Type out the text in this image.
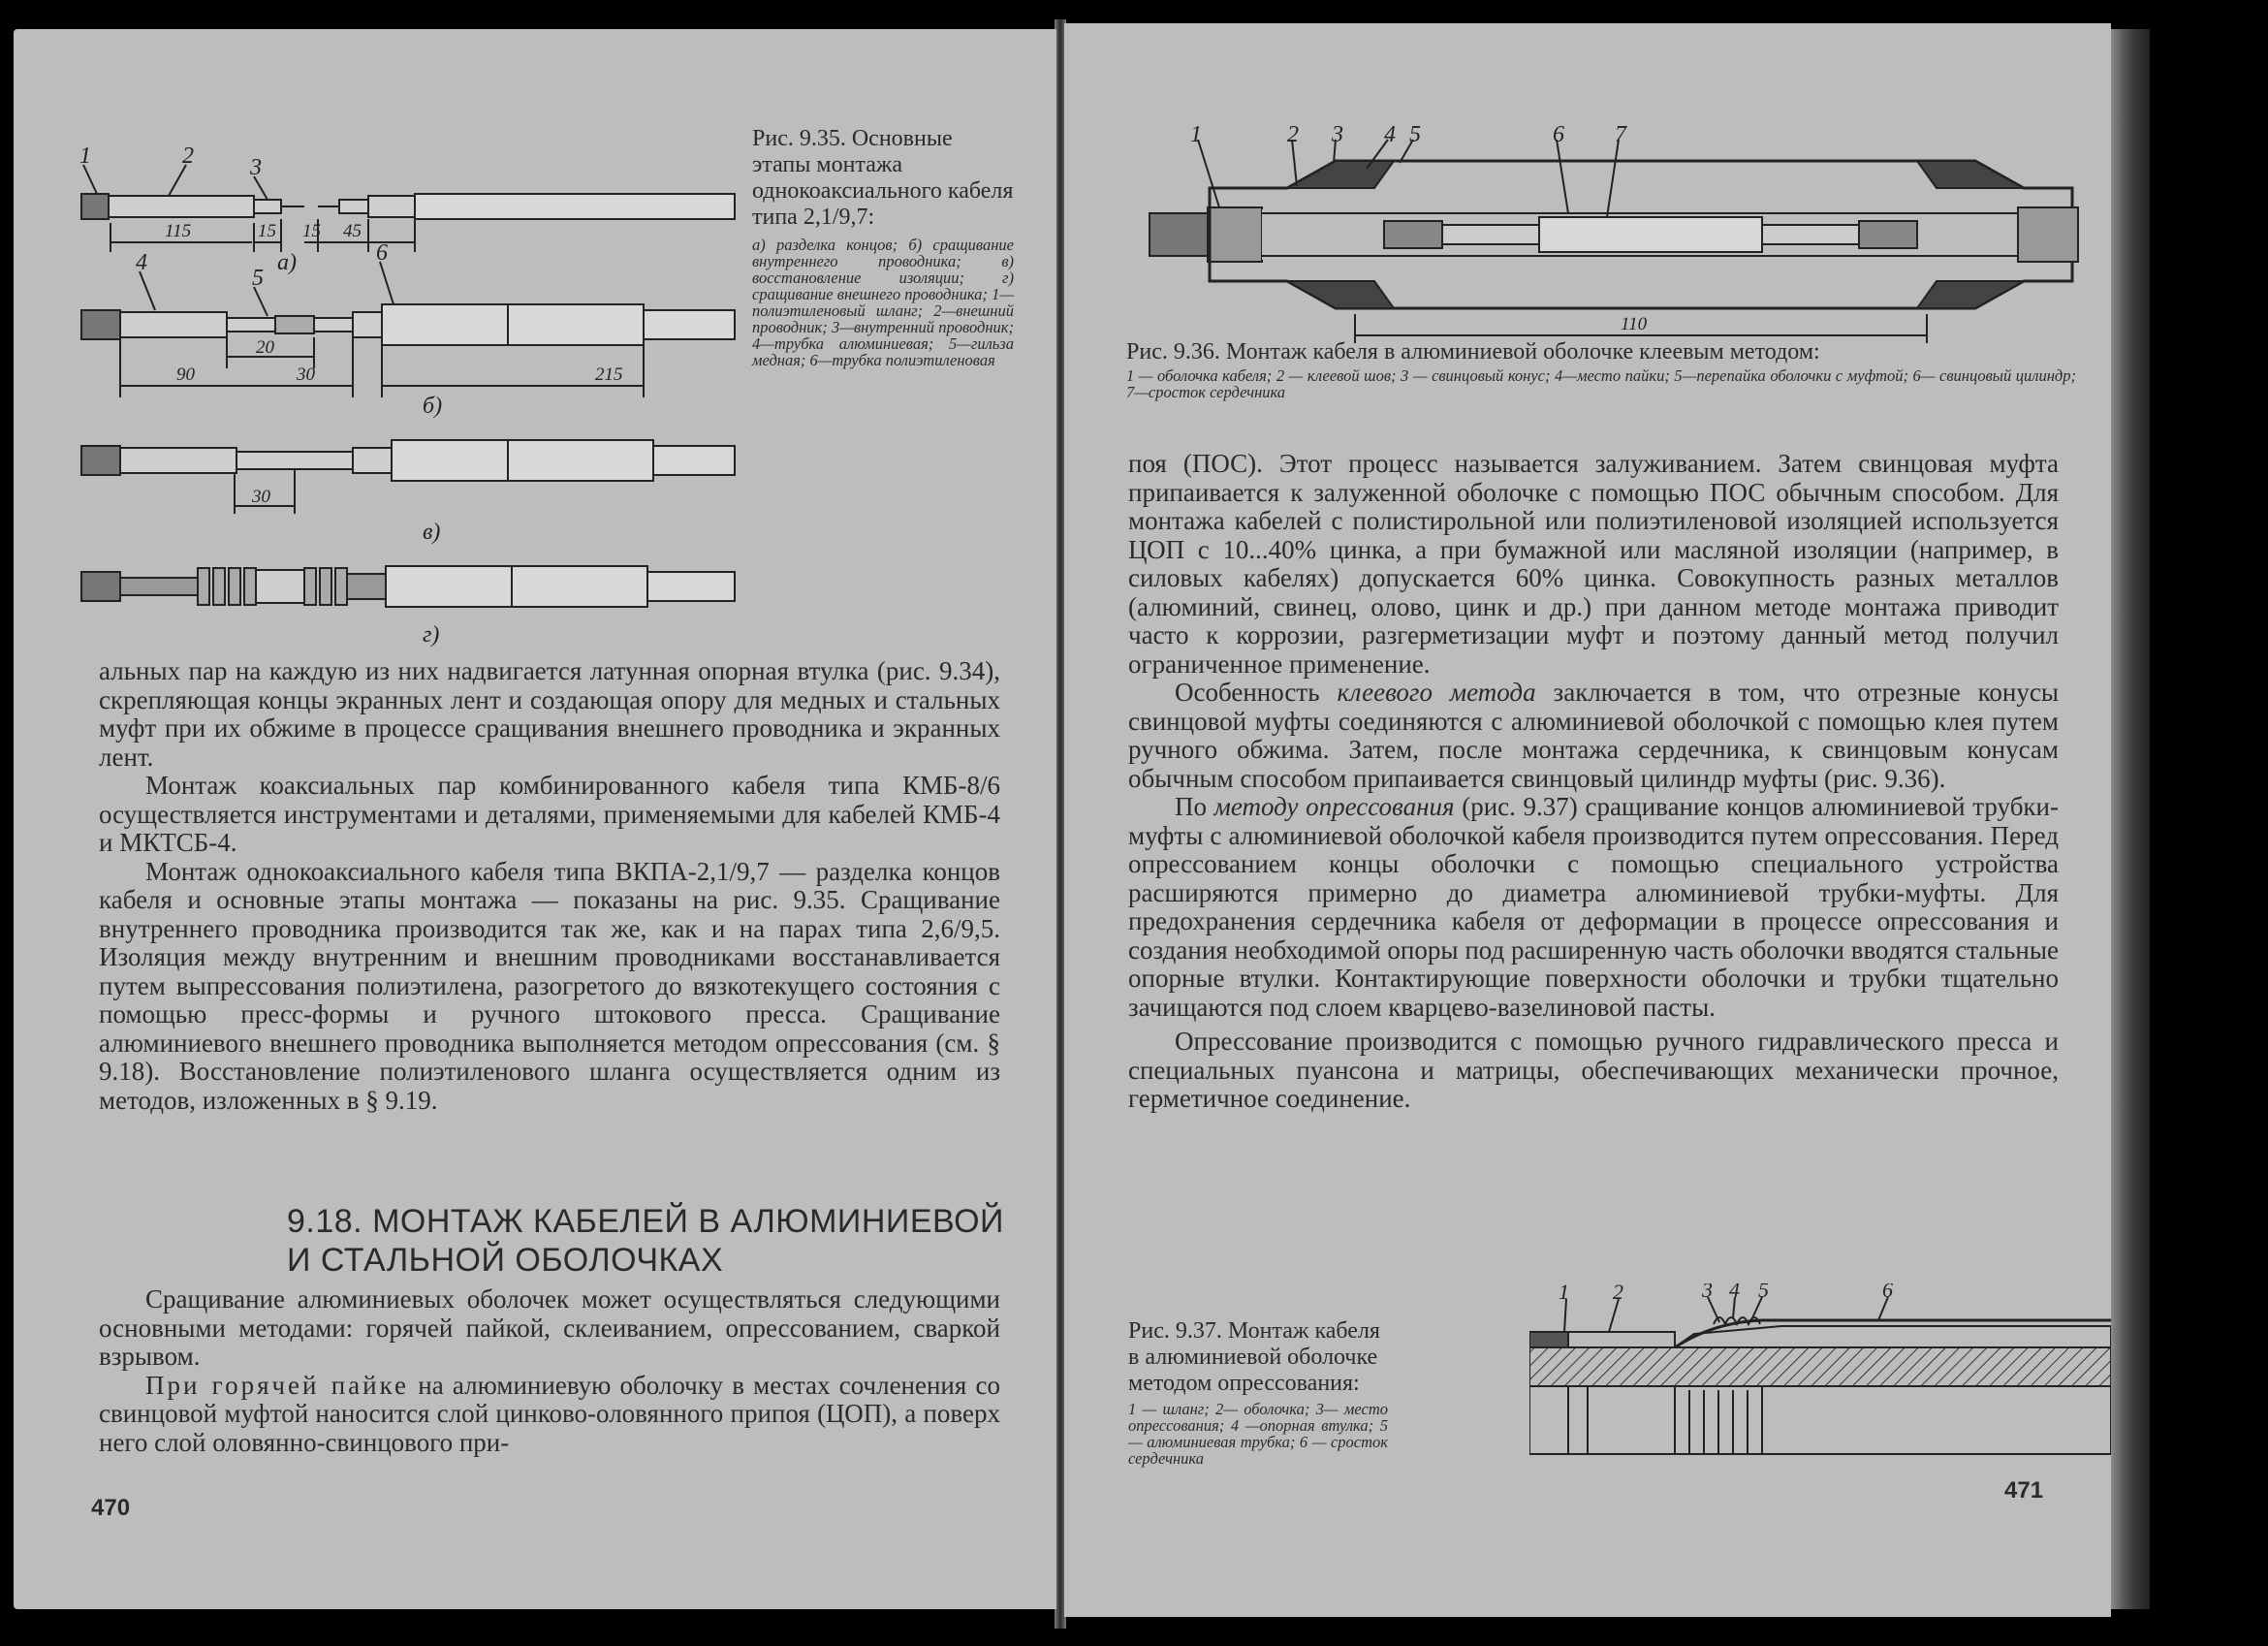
1	2 3
115	15 15 45
а)
4
5
6
20
90	30	215
б)
30
в)
г)

Рис. 9.35. Основные этапы монтажа однокоаксиального кабеля типа 2,1/9,7:

а) разделка концов; б) сращивание внутреннего проводника; в) восстановление изоляции; г) сращивание внешнего проводника; 1—полиэтиленовый шланг; 2—внешний проводник; 3—внутренний проводник; 4—трубка алюминиевая; 5—гильза медная; 6—трубка полиэтиленовая

альных пар на каждую из них надвигается латунная опорная втулка (рис. 9.34), скрепляющая концы экранных лент и создающая опору для медных и стальных муфт при их обжиме в процессе сращивания внешнего проводника и экранных лент.

Монтаж коаксиальных пар комбинированного кабеля типа КМБ-8/6 осуществляется инструментами и деталями, применяемыми для кабелей КМБ-4 и МКТСБ-4.

Монтаж однокоаксиального кабеля типа ВКПА-2,1/9,7 — разделка концов кабеля и основные этапы монтажа — показаны на рис. 9.35. Сращивание внутреннего проводника производится так же, как и на парах типа 2,6/9,5. Изоляция между внутренним и внешним проводниками восстанавливается путем выпрессования полиэтилена, разогретого до вязкотекущего состояния с помощью пресс-формы и ручного штокового пресса. Сращивание алюминиевого внешнего проводника выполняется методом опрессования (см. § 9.18). Восстановление полиэтиленового шланга осуществляется одним из методов, изложенных в § 9.19.

9.18. МОНТАЖ КАБЕЛЕЙ В АЛЮМИНИЕВОЙ

И СТАЛЬНОЙ ОБОЛОЧКАХ

Сращивание алюминиевых оболочек может осуществляться следующими основными методами: горячей пайкой, склеиванием, опрессованием, сваркой взрывом.

При горячей пайке на алюминиевую оболочку в местах сочленения со свинцовой муфтой наносится слой цинково-оловянного припоя (ЦОП), а поверх него слой оловянно-свинцового при-

470
1	2 3 4 5	6 7
110

Рис. 9.36. Монтаж кабеля в алюминиевой оболочке клеевым методом:

1 — оболочка кабеля; 2 — клеевой шов; 3 — свинцовый конус; 4—место пайки; 5—перепайка оболочки с муфтой; 6— свинцовый цилиндр; 7—сросток сердечника

поя (ПОС). Этот процесс называется залуживанием. Затем свинцовая муфта припаивается к залуженной оболочке с помощью ПОС обычным способом. Для монтажа кабелей с полистирольной или полиэтиленовой изоляцией используется ЦОП с 10...40% цинка, а при бумажной или масляной изоляции (например, в силовых кабелях) допускается 60% цинка. Совокупность разных металлов (алюминий, свинец, олово, цинк и др.) при данном методе монтажа приводит часто к коррозии, разгерметизации муфт и поэтому данный метод получил ограниченное применение.

Особенность клеевого метода заключается в том, что отрезные конусы свинцовой муфты соединяются с алюминиевой оболочкой с помощью клея путем ручного обжима. Затем, после монтажа сердечника, к свинцовым конусам обычным способом припаивается свинцовый цилиндр муфты (рис. 9.36).

По методу опрессования (рис. 9.37) сращивание концов алюминиевой трубки-муфты с алюминиевой оболочкой кабеля производится путем опрессования. Перед опрессованием концы оболочки с помощью специального устройства расширяются примерно до диаметра алюминиевой трубки-муфты. Для предохранения сердечника кабеля от деформации в процессе опрессования и создания необходимой опоры под расширенную часть оболочки вводятся стальные опорные втулки. Контактирующие поверхности оболочки и трубки тщательно зачищаются под слоем кварцево-вазелиновой пасты.

Опрессование производится с помощью ручного гидравлического пресса и специальных пуансона и матрицы, обеспечивающих механически прочное, герметичное соединение.

Рис. 9.37. Монтаж кабеля в алюминиевой оболочке методом опрессования:

1 — шланг; 2— оболочка; 3— место опрессования; 4 —опорная втулка; 5 — алюминиевая трубка; 6 — сросток сердечника

1 2	3 4 5	6
471
